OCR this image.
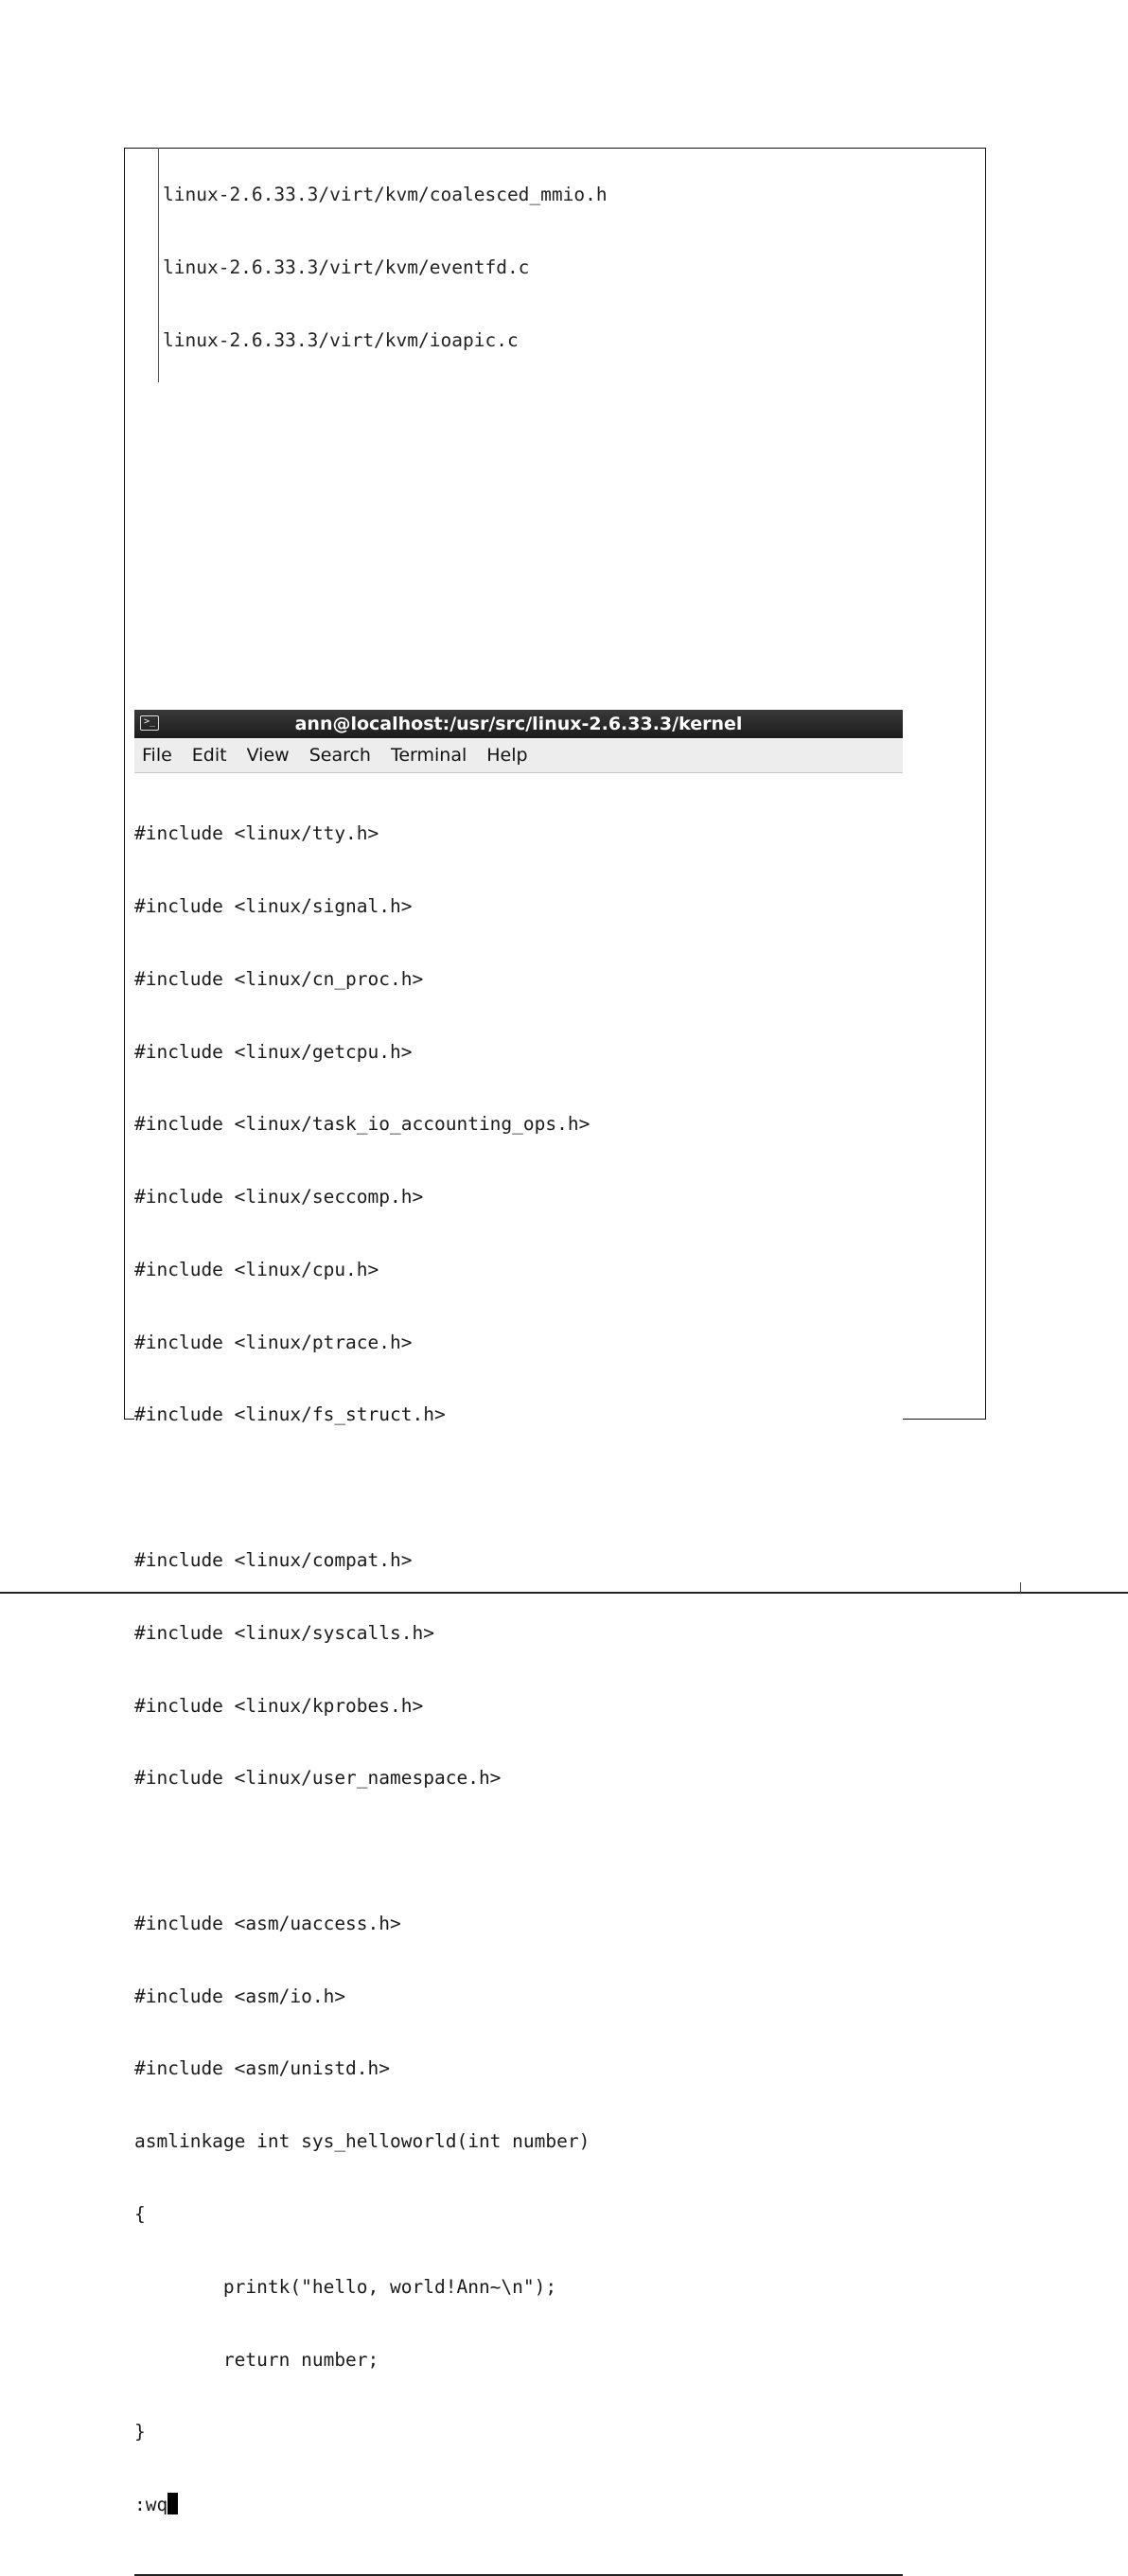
linux-2.6.33.3/virt/kvm/coalesced_mmio.h

linux-2.6.33.3/virt/kvm/eventfd.c

linux-2.6.33.3/virt/kvm/ioapic.c

>_	ann@localhost:/usr/src/linux-2.6.33.3/kernel
File Edit View Search Terminal Help

#include <linux/tty.h>

#include <linux/signal.h>

#include <linux/cn_proc.h>

#include <linux/getcpu.h>

#include <linux/task_io_accounting_ops.h>

#include <linux/seccomp.h>

#include <linux/cpu.h>

#include <linux/ptrace.h>

#include <linux/fs_struct.h>

#include <linux/compat.h>

#include <linux/syscalls.h>

#include <linux/kprobes.h>

#include <linux/user_namespace.h>

#include <asm/uaccess.h>

#include <asm/io.h>

#include <asm/unistd.h>

asmlinkage int sys_helloworld(int number)

{

printk("hello, world!Ann~\n");

return number;

}

:wq
